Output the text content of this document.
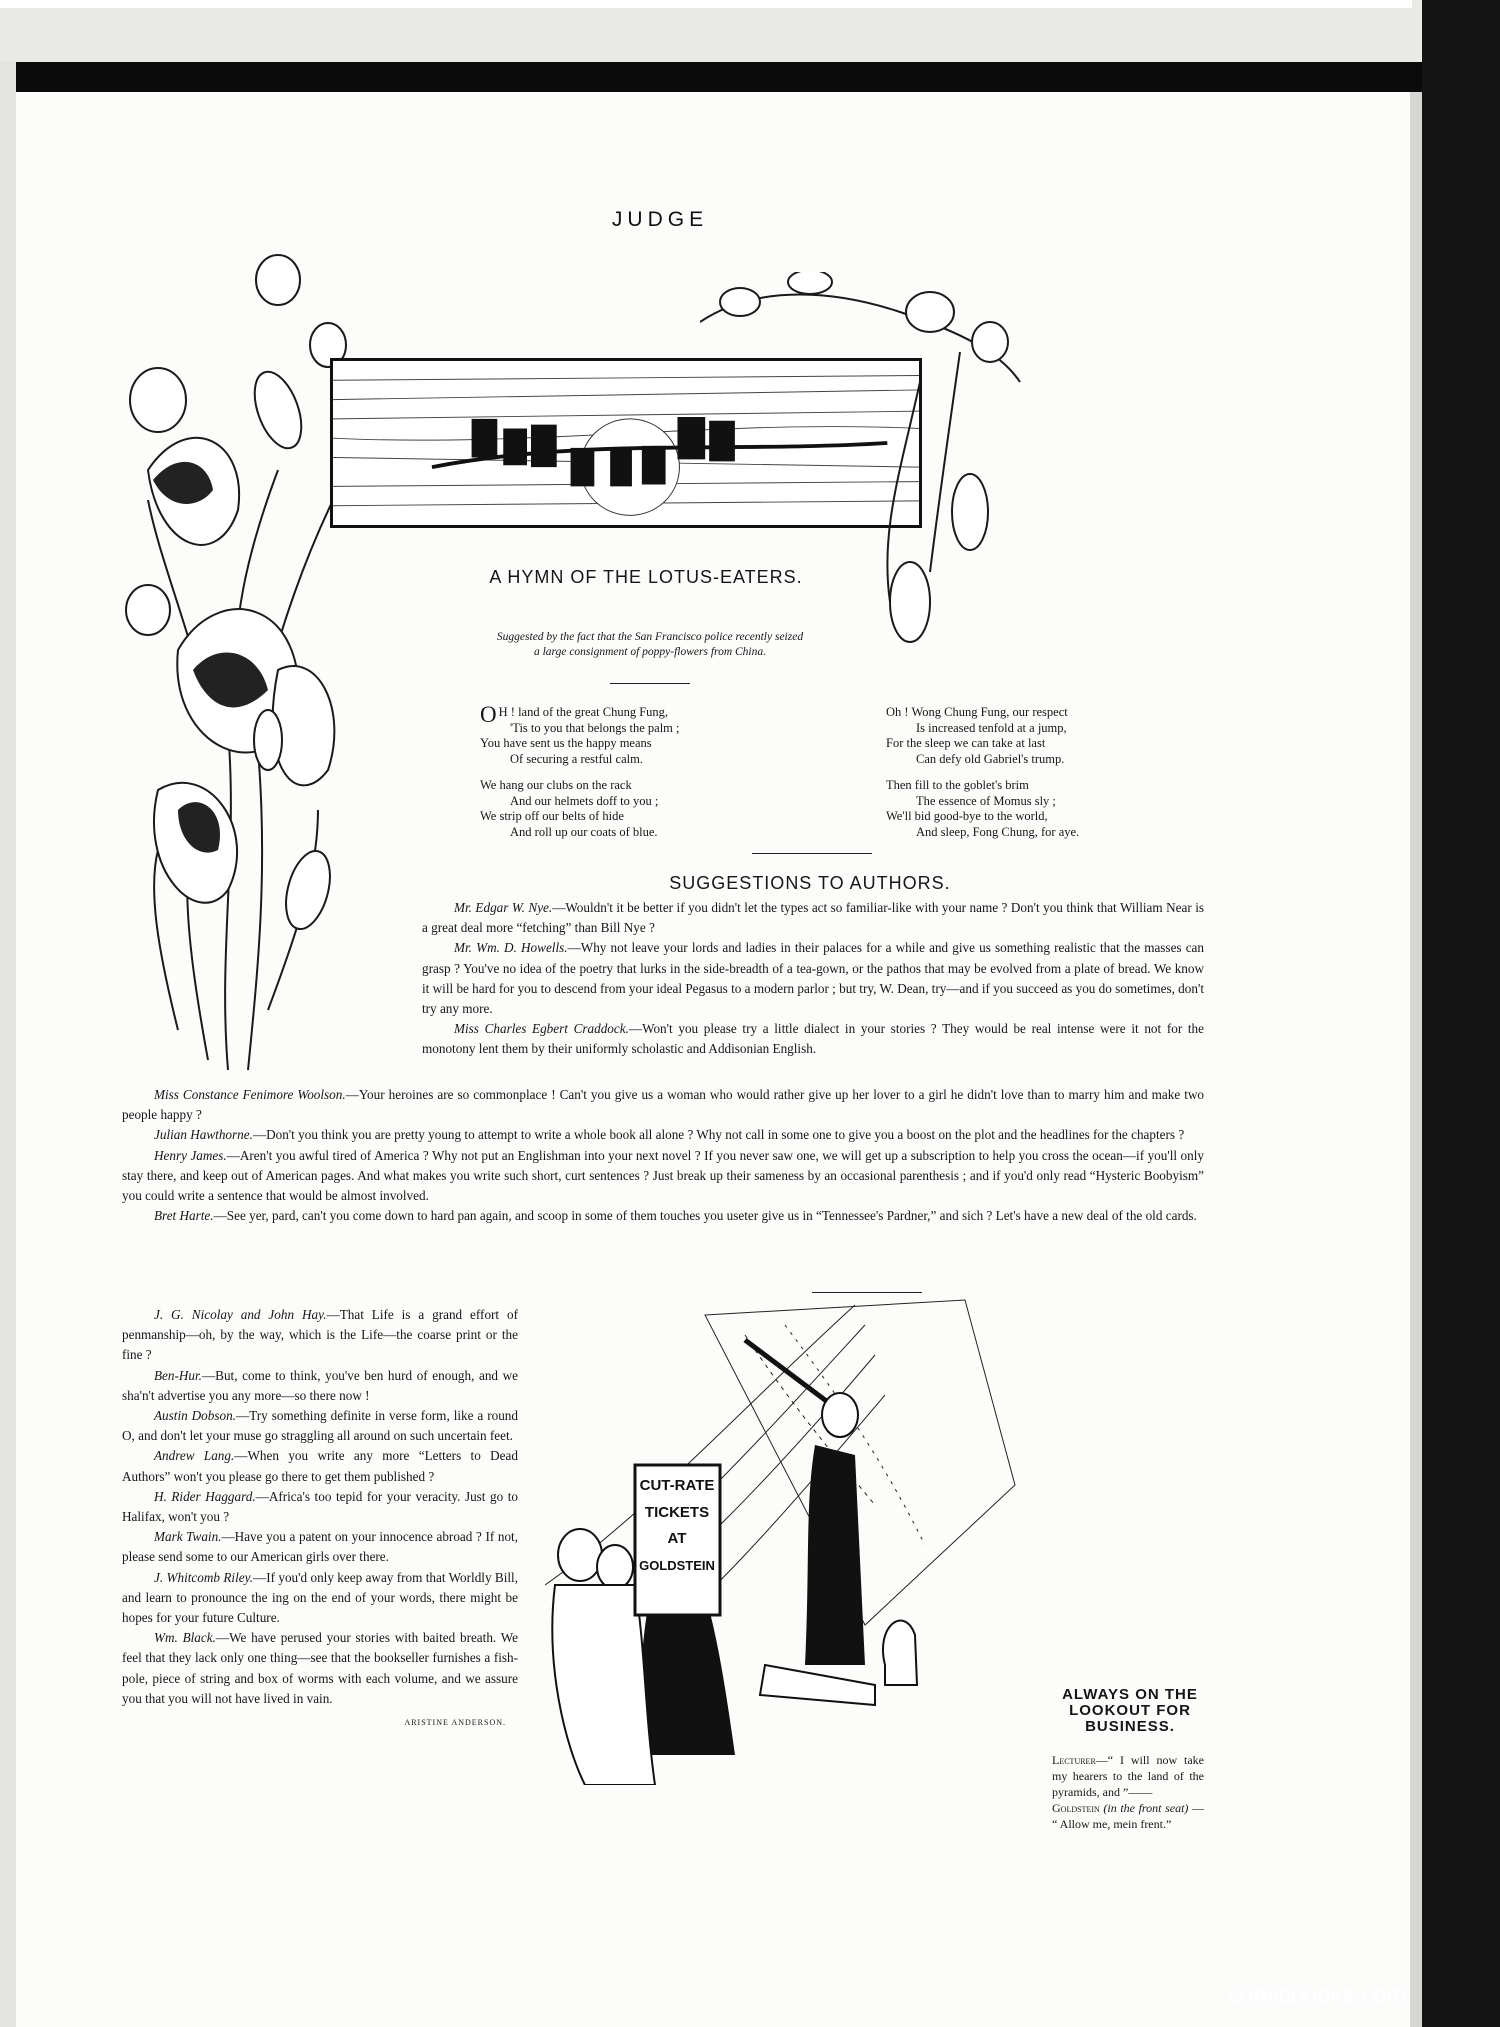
JUDGE
A HYMN OF THE LOTUS-EATERS.
Suggested by the fact that the San Francisco police recently seized
a large consignment of poppy-flowers from China.
O H ! land of the great Chung Fung,
'Tis to you that belongs the palm ;
You have sent us the happy means
Of securing a restful calm.
We hang our clubs on the rack
And our helmets doff to you ;
We strip off our belts of hide
And roll up our coats of blue.
Oh ! Wong Chung Fung, our respect
Is increased tenfold at a jump,
For the sleep we can take at last
Can defy old Gabriel's trump.
Then fill to the goblet's brim
The essence of Momus sly ;
We'll bid good-bye to the world,
And sleep, Fong Chung, for aye.
SUGGESTIONS TO AUTHORS.

Mr. Edgar W. Nye.—Wouldn't it be better if you didn't let the types act so familiar-like with your name ? Don't you think that William Near is a great deal more “fetching” than Bill Nye ?

Mr. Wm. D. Howells.—Why not leave your lords and ladies in their palaces for a while and give us something realistic that the masses can grasp ? You've no idea of the poetry that lurks in the side-breadth of a tea-gown, or the pathos that may be evolved from a plate of bread. We know it will be hard for you to descend from your ideal Pegasus to a modern parlor ; but try, W. Dean, try—and if you succeed as you do sometimes, don't try any more.

Miss Charles Egbert Craddock.—Won't you please try a little dialect in your stories ? They would be real intense were it not for the monotony lent them by their uniformly scholastic and Addisonian English.

Miss Constance Fenimore Woolson.—Your heroines are so commonplace ! Can't you give us a woman who would rather give up her lover to a girl he didn't love than to marry him and make two people happy ?

Julian Hawthorne.—Don't you think you are pretty young to attempt to write a whole book all alone ? Why not call in some one to give you a boost on the plot and the headlines for the chapters ?

Henry James.—Aren't you awful tired of America ? Why not put an Englishman into your next novel ? If you never saw one, we will get up a subscription to help you cross the ocean—if you'll only stay there, and keep out of American pages. And what makes you write such short, curt sentences ? Just break up their sameness by an occasional parenthesis ; and if you'd only read “Hysteric Boobyism” you could write a sentence that would be almost involved.

Bret Harte.—See yer, pard, can't you come down to hard pan again, and scoop in some of them touches you useter give us in “Tennessee's Pardner,” and sich ? Let's have a new deal of the old cards.

J. G. Nicolay and John Hay.—That Life is a grand effort of penmanship—oh, by the way, which is the Life—the coarse print or the fine ?

Ben-Hur.—But, come to think, you've ben hurd of enough, and we sha'n't advertise you any more—so there now !

Austin Dobson.—Try something definite in verse form, like a round O, and don't let your muse go straggling all around on such uncertain feet.

Andrew Lang.—When you write any more “Letters to Dead Authors” won't you please go there to get them published ?

H. Rider Haggard.—Africa's too tepid for your veracity. Just go to Halifax, won't you ?

Mark Twain.—Have you a patent on your innocence abroad ? If not, please send some to our American girls over there.

J. Whitcomb Riley.—If you'd only keep away from that Worldly Bill, and learn to pronounce the ing on the end of your words, there might be hopes for your future Culture.

Wm. Black.—We have perused your stories with baited breath. We feel that they lack only one thing—see that the bookseller furnishes a fish-pole, piece of string and box of worms with each volume, and we assure you that you will not have lived in vain.

ARISTINE ANDERSON.

CUT-RATE
TICKETS
AT
GOLDSTEIN
ALWAYS ON THE LOOKOUT FOR BUSINESS.

Lecturer—“ I will now take my hearers to the land of the pyramids, and ”——

Goldstein (in the front seat) — “ Allow me, mein frent.”

comicbooks.com
